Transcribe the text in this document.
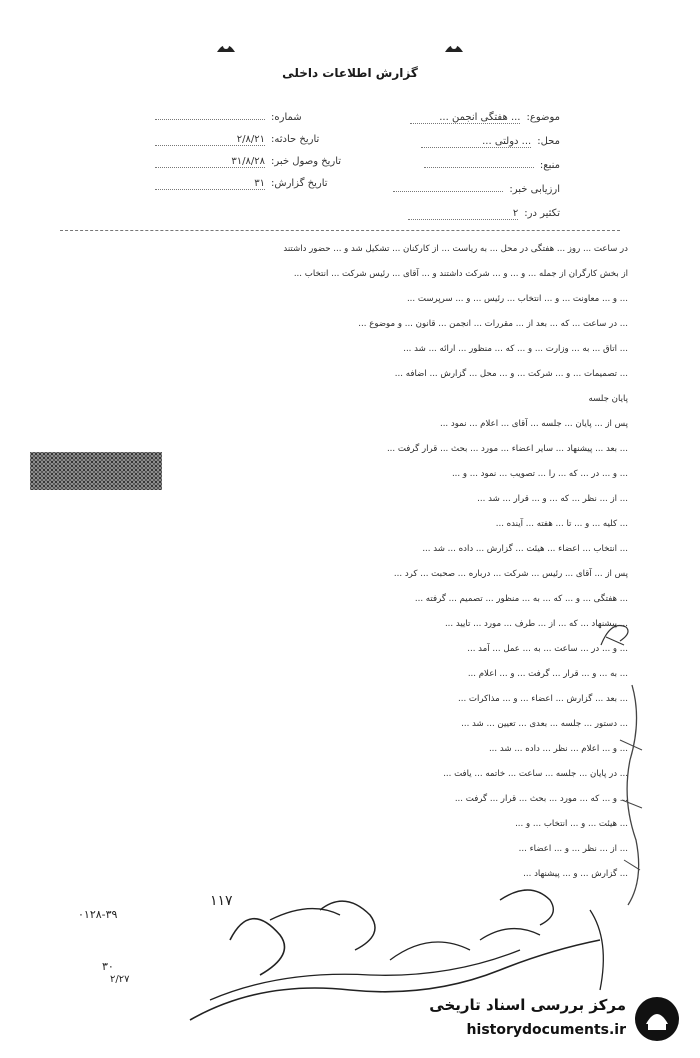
گزارش اطلاعات داخلی
شماره:
تاریخ حادثه:۲/۸/۲۱
تاریخ وصول خبر:۳۱/۸/۲۸
تاریخ گزارش:۳۱
موضوع:... هفتگی انجمن ...
محل:... دولتی ...
منبع:
ارزیابی خبر:
تکثیر در:۲
در ساعت ... روز ... هفتگی در محل ... به ریاست ... از کارکنان ... تشکیل شد و ... حضور داشتند
از بخش کارگران از جمله ... و ... و ... شرکت داشتند و ... آقای ... رئیس شرکت ... انتخاب ...
... و ... معاونت ... و ... انتخاب ... رئیس ... و ... سرپرست ...
... در ساعت ... که ... بعد از ... مقررات ... انجمن ... قانون ... و موضوع ...
... اتاق ... به ... وزارت ... و ... که ... منظور ... ارائه ... شد ...
... تصمیمات ... و ... شرکت ... و ... محل ... گزارش ... اضافه ...
پایان جلسه
پس از ... پایان ... جلسه ... آقای ... اعلام ... نمود ...
... بعد ... پیشنهاد ... سایر اعضاء ... مورد ... بحث ... قرار گرفت ...
... و ... در ... که ... را ... تصویب ... نمود ... و ...
... از ... نظر ... که ... و ... قرار ... شد ...
... کلیه ... و ... تا ... هفته ... آینده ...
... انتخاب ... اعضاء ... هیئت ... گزارش ... داده ... شد ...
پس از ... آقای ... رئیس ... شرکت ... درباره ... صحبت ... کرد ...
... هفتگی ... و ... که ... به ... منظور ... تصمیم ... گرفته ...
... پیشنهاد ... که ... از ... طرف ... مورد ... تایید ...
... و ... در ... ساعت ... به ... عمل ... آمد ...
... به ... و ... قرار ... گرفت ... و ... اعلام ...
... بعد ... گزارش ... اعضاء ... و ... مذاکرات ...
... دستور ... جلسه ... بعدی ... تعیین ... شد ...
... و ... اعلام ... نظر ... داده ... شد ...
... در پایان ... جلسه ... ساعت ... خاتمه ... یافت ...
... و ... که ... مورد ... بحث ... قرار ... گرفت ...
... هیئت ... و ... انتخاب ... و ...
... از ... نظر ... و ... اعضاء ...
... گزارش ... و ... پیشنهاد ...
۰۱۲۸-۳۹
۳۰
۲/۲۷
۱۱۷
مرکز بررسی اسناد تاریخی
historydocuments.ir
